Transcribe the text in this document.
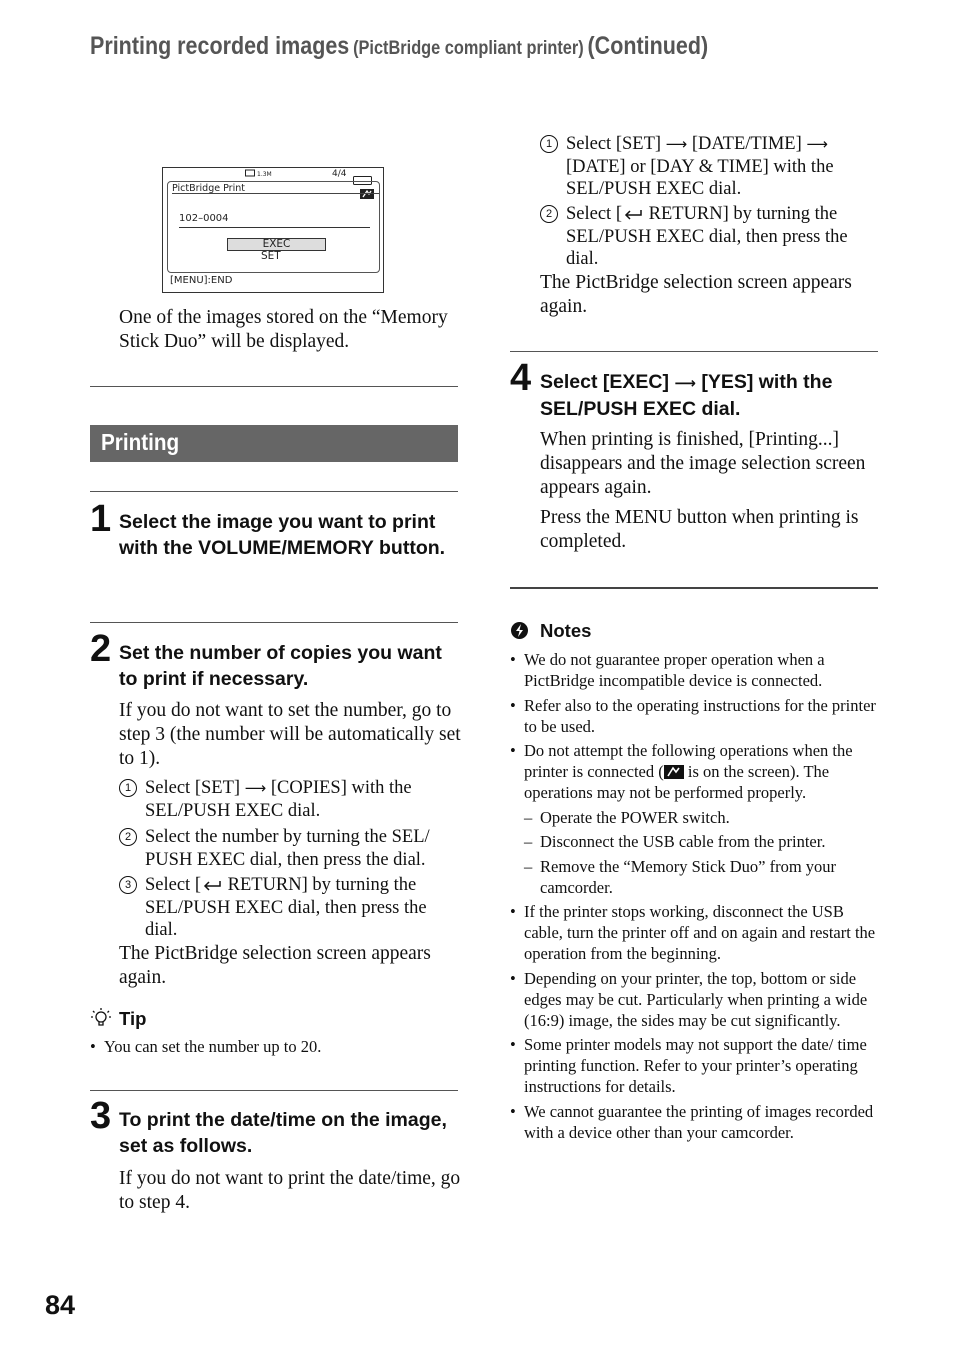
Printing recorded images (PictBridge compliant printer) (Continued)
1.3M	4/4
PictBridge Print
102–0004
EXEC
SET
[MENU]:END
One of the images stored on the “Memory Stick Duo” will be displayed.
Printing
1 Select the image you want to print with the VOLUME/MEMORY button.
2 Set the number of copies you want to print if necessary.
If you do not want to set the number, go to step 3 (the number will be automatically set to 1).
1 Select [SET] ⟶ [COPIES] with the SEL/PUSH EXEC dial.
2 Select the number by turning the SEL/ PUSH EXEC dial, then press the dial.
3 Select [ RETURN] by turning the SEL/PUSH EXEC dial, then press the dial.
The PictBridge selection screen appears again.
Tip
• You can set the number up to 20.
3 To print the date/time on the image, set as follows.
If you do not want to print the date/time, go to step 4.
1 Select [SET] ⟶ [DATE/TIME] ⟶ [DATE] or [DAY & TIME] with the SEL/PUSH EXEC dial.
2 Select [ RETURN] by turning the SEL/PUSH EXEC dial, then press the dial.
The PictBridge selection screen appears again.
4 Select [EXEC] ⟶ [YES] with the SEL/PUSH EXEC dial.
When printing is finished, [Printing...] disappears and the image selection screen appears again.
Press the MENU button when printing is completed.
Notes
• We do not guarantee proper operation when a PictBridge incompatible device is connected.
• Refer also to the operating instructions for the printer to be used.
• Do not attempt the following operations when the printer is connected ( is on the screen). The operations may not be performed properly.
– Operate the POWER switch.
– Disconnect the USB cable from the printer.
– Remove the “Memory Stick Duo” from your camcorder.
• If the printer stops working, disconnect the USB cable, turn the printer off and on again and restart the operation from the beginning.
• Depending on your printer, the top, bottom or side edges may be cut. Particularly when printing a wide (16:9) image, the sides may be cut significantly.
• Some printer models may not support the date/ time printing function. Refer to your printer’s operating instructions for details.
• We cannot guarantee the printing of images recorded with a device other than your camcorder.
84
